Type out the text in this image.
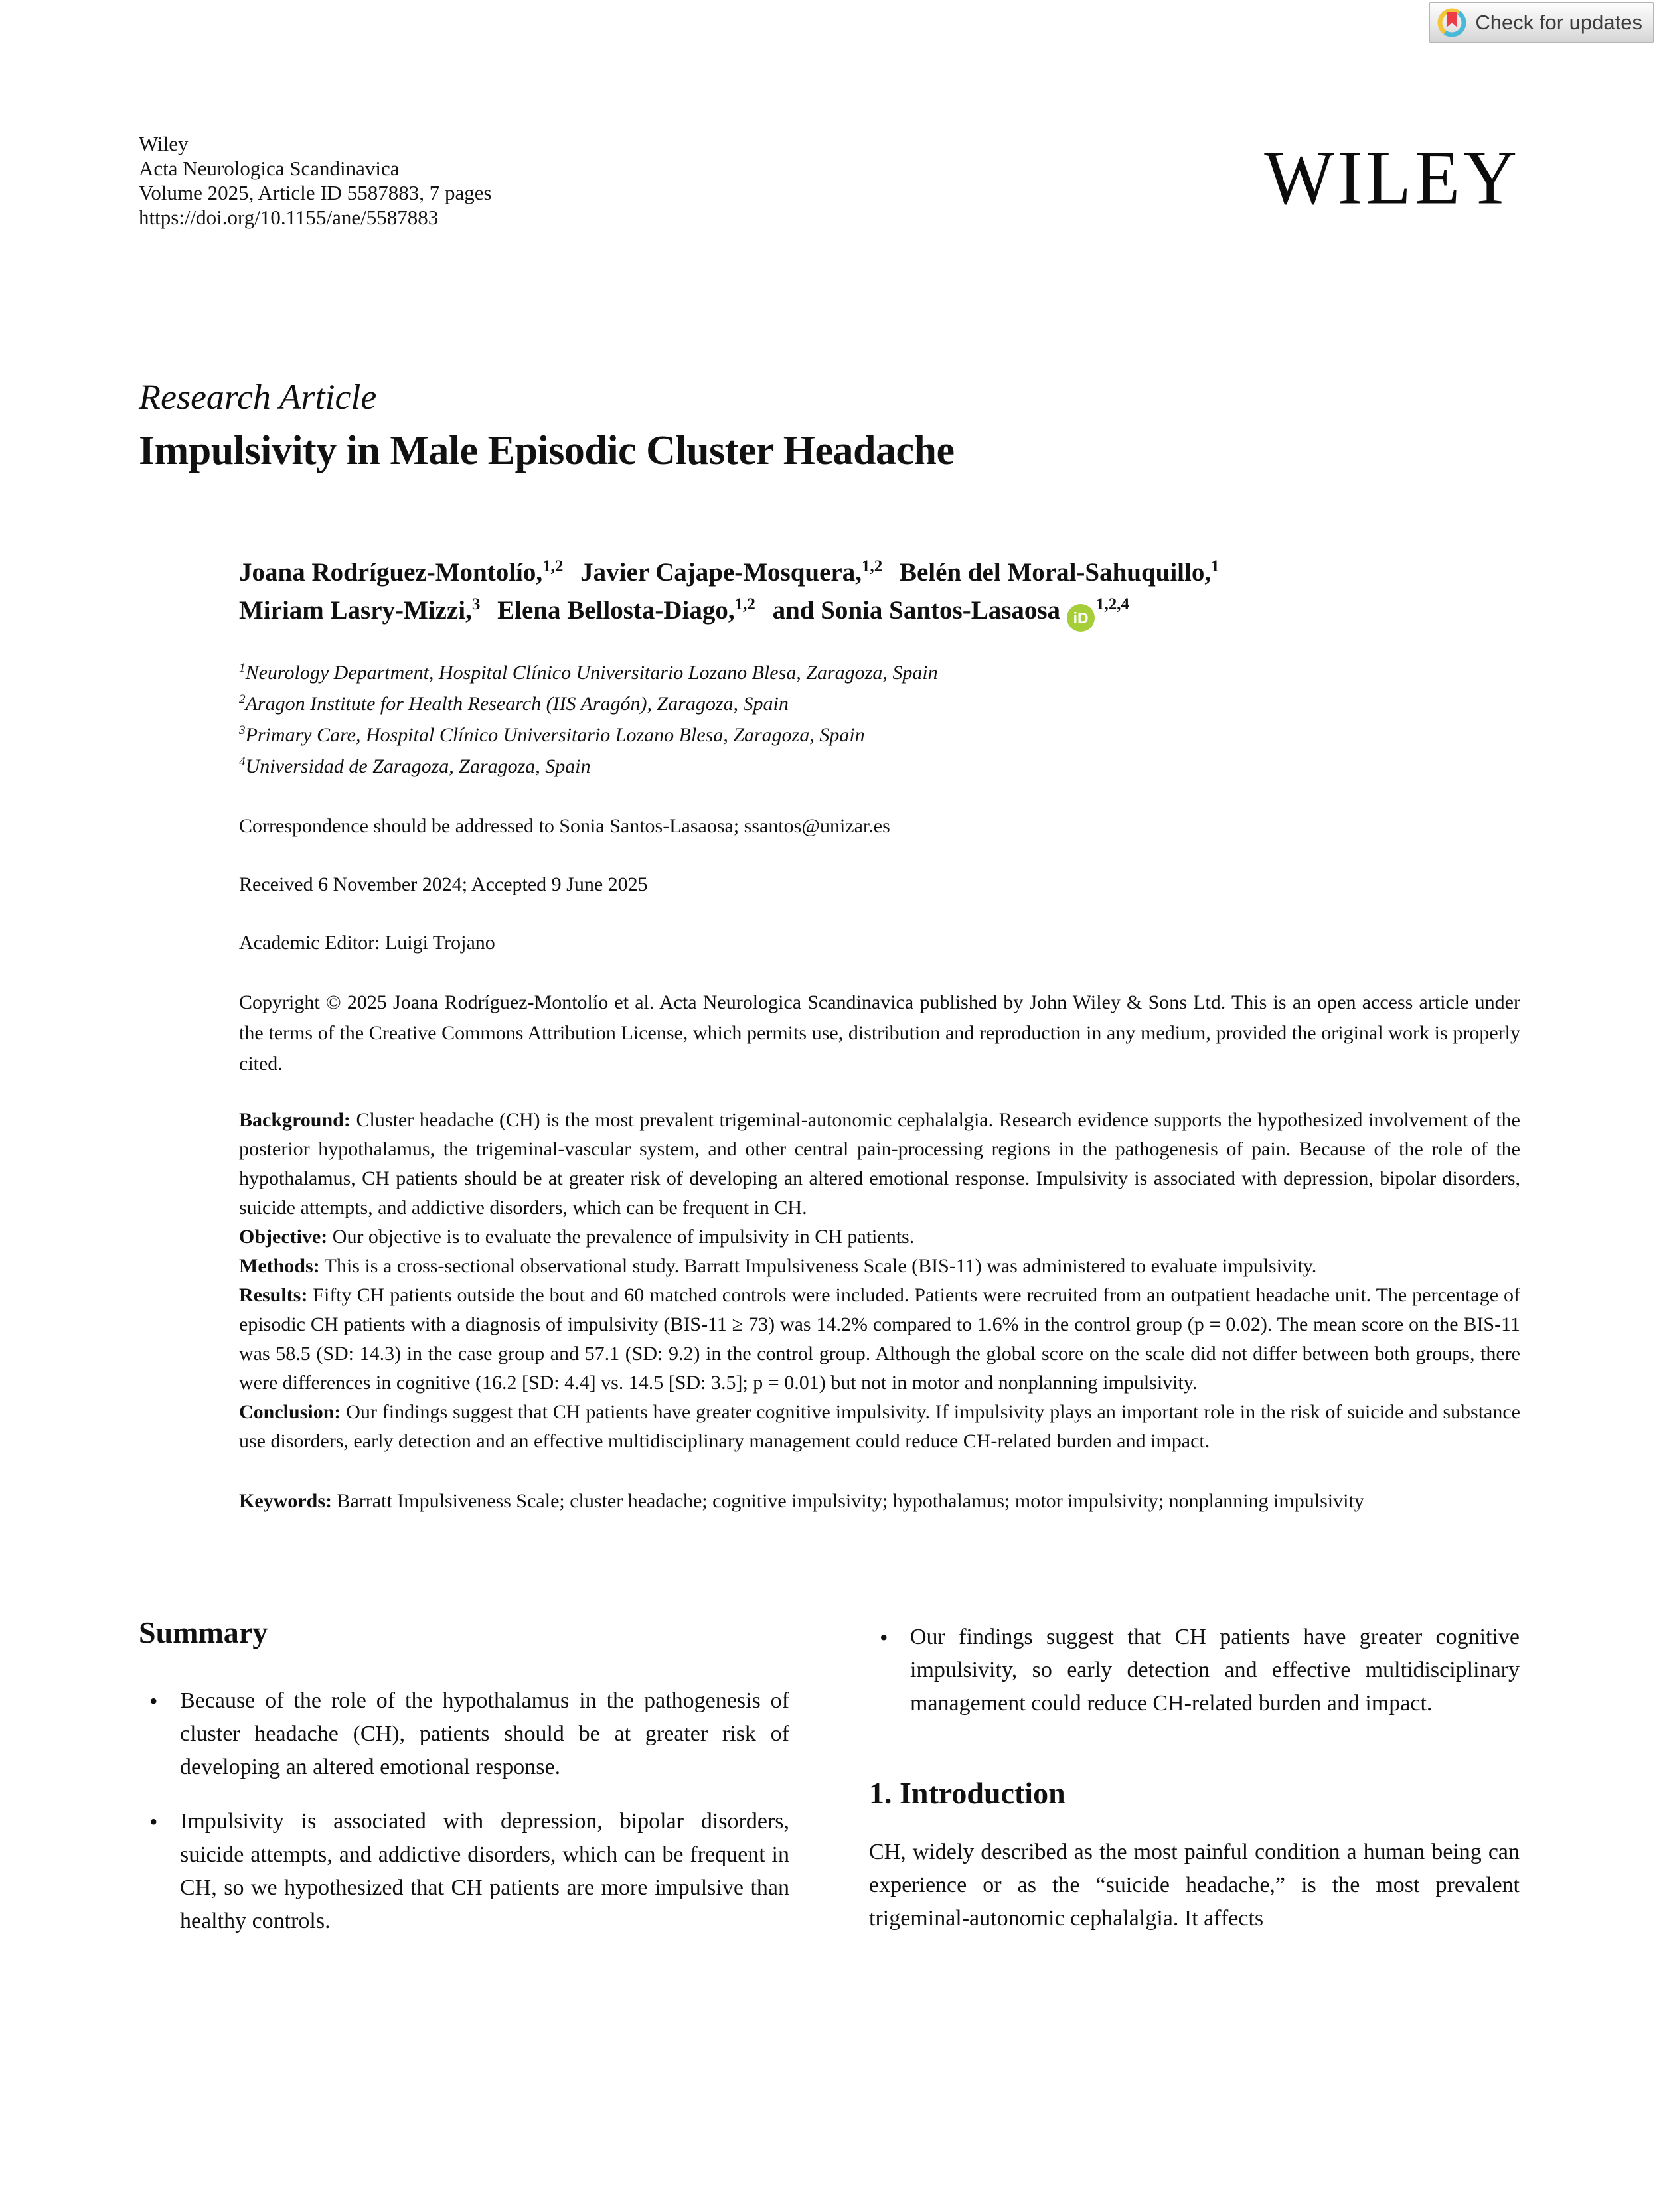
Check for updates
Wiley
Acta Neurologica Scandinavica
Volume 2025, Article ID 5587883, 7 pages
https://doi.org/10.1155/ane/5587883	WILEY
Research Article
Impulsivity in Male Episodic Cluster Headache
Joana Rodríguez-Montolío,$^{1,2}$ Javier Cajape-Mosquera,$^{1,2}$ Belén del Moral-Sahuquillo,$^1$
Miriam Lasry-Mizzi,$^3$ Elena Bellosta-Diago,$^{1,2}$ and Sonia Santos-Lasaosa iD$^{1,2,4}$

$^1$Neurology Department, Hospital Clínico Universitario Lozano Blesa, Zaragoza, Spain

$^2$Aragon Institute for Health Research (IIS Aragón), Zaragoza, Spain

$^3$Primary Care, Hospital Clínico Universitario Lozano Blesa, Zaragoza, Spain

$^4$Universidad de Zaragoza, Zaragoza, Spain

Correspondence should be addressed to Sonia Santos-Lasaosa; ssantos@unizar.es

Received 6 November 2024; Accepted 9 June 2025

Academic Editor: Luigi Trojano

Copyright © 2025 Joana Rodríguez-Montolío et al. Acta Neurologica Scandinavica published by John Wiley & Sons Ltd. This is an open access article under the terms of the Creative Commons Attribution License, which permits use, distribution and reproduction in any medium, provided the original work is properly cited.

Background: Cluster headache (CH) is the most prevalent trigeminal-autonomic cephalalgia. Research evidence supports the hypothesized involvement of the posterior hypothalamus, the trigeminal-vascular system, and other central pain-processing regions in the pathogenesis of pain. Because of the role of the hypothalamus, CH patients should be at greater risk of developing an altered emotional response. Impulsivity is associated with depression, bipolar disorders, suicide attempts, and addictive disorders, which can be frequent in CH.

Objective: Our objective is to evaluate the prevalence of impulsivity in CH patients.

Methods: This is a cross-sectional observational study. Barratt Impulsiveness Scale (BIS-11) was administered to evaluate impulsivity.

Results: Fifty CH patients outside the bout and 60 matched controls were included. Patients were recruited from an outpatient headache unit. The percentage of episodic CH patients with a diagnosis of impulsivity (BIS-11 ≥ 73) was 14.2% compared to 1.6% in the control group (p = 0.02). The mean score on the BIS-11 was 58.5 (SD: 14.3) in the case group and 57.1 (SD: 9.2) in the control group. Although the global score on the scale did not differ between both groups, there were differences in cognitive (16.2 [SD: 4.4] vs. 14.5 [SD: 3.5]; p = 0.01) but not in motor and nonplanning impulsivity.

Conclusion: Our findings suggest that CH patients have greater cognitive impulsivity. If impulsivity plays an important role in the risk of suicide and substance use disorders, early detection and an effective multidisciplinary management could reduce CH-related burden and impact.

Keywords: Barratt Impulsiveness Scale; cluster headache; cognitive impulsivity; hypothalamus; motor impulsivity; nonplanning impulsivity

Summary
• Because of the role of the hypothalamus in the pathogenesis of cluster headache (CH), patients should be at greater risk of developing an altered emotional response.
• Impulsivity is associated with depression, bipolar disorders, suicide attempts, and addictive disorders, which can be frequent in CH, so we hypothesized that CH patients are more impulsive than healthy controls.
• Our findings suggest that CH patients have greater cognitive impulsivity, so early detection and effective multidisciplinary management could reduce CH-related burden and impact.
1. Introduction

CH, widely described as the most painful condition a human being can experience or as the “suicide headache,” is the most prevalent trigeminal-autonomic cephalalgia. It affects
